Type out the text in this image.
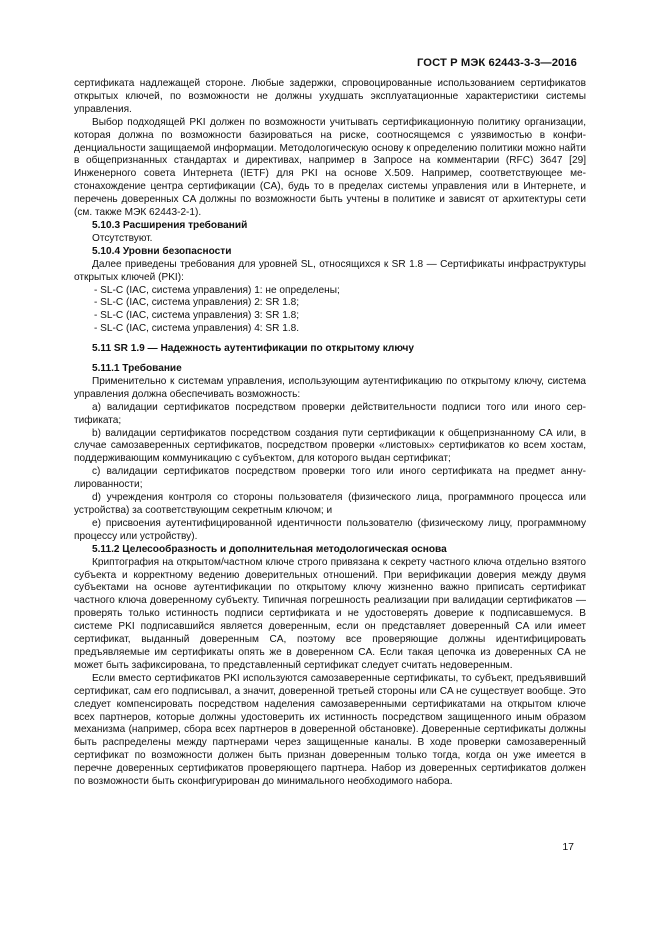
ГОСТ Р МЭК 62443-3-3—2016

сертификата надлежащей стороне. Любые задержки, спровоцированные использованием сертификатов открытых ключей, по возможности не должны ухудшать эксплуатационные характеристики системы управления.

Выбор подходящей PKI должен по возможности учитывать сертификационную политику организации, которая должна по возможности базироваться на риске, соотносящемся с уязвимостью в конфиденциальности защищаемой информации. Методологическую основу к определению политики можно найти в общепризнанных стандартах и директивах, например в Запросе на комментарии (RFC) 3647 [29] Инженерного совета Интернета (IETF) для PKI на основе X.509. Например, соответствующее местонахождение центра сертификации (CA), будь то в пределах системы управления или в Интернете, и перечень доверенных CA должны по возможности быть учтены в политике и зависят от архитектуры сети (см. также МЭК 62443-2-1).

5.10.3 Расширения требований

Отсутствуют.

5.10.4 Уровни безопасности

Далее приведены требования для уровней SL, относящихся к SR 1.8 — Сертификаты инфраструктуры открытых ключей (PKI):

- SL-C (IAC, система управления) 1: не определены;
- SL-C (IAC, система управления) 2: SR 1.8;
- SL-C (IAC, система управления) 3: SR 1.8;
- SL-C (IAC, система управления) 4: SR 1.8.

5.11 SR 1.9 — Надежность аутентификации по открытому ключу

5.11.1 Требование

Применительно к системам управления, использующим аутентификацию по открытому ключу, система управления должна обеспечивать возможность:

a) валидации сертификатов посредством проверки действительности подписи того или иного сертификата;

b) валидации сертификатов посредством создания пути сертификации к общепризнанному CA или, в случае самозаверенных сертификатов, посредством проверки «листовых» сертификатов ко всем хостам, поддерживающим коммуникацию с субъектом, для которого выдан сертификат;

c) валидации сертификатов посредством проверки того или иного сертификата на предмет аннулированности;

d) учреждения контроля со стороны пользователя (физического лица, программного процесса или устройства) за соответствующим секретным ключом; и

e) присвоения аутентифицированной идентичности пользователю (физическому лицу, программному процессу или устройству).

5.11.2 Целесообразность и дополнительная методологическая основа

Криптография на открытом/частном ключе строго привязана к секрету частного ключа отдельно взятого субъекта и корректному ведению доверительных отношений. При верификации доверия между двумя субъектами на основе аутентификации по открытому ключу жизненно важно приписать сертификат частного ключа доверенному субъекту. Типичная погрешность реализации при валидации сертификатов — проверять только истинность подписи сертификата и не удостоверять доверие к подписавшемуся. В системе PKI подписавшийся является доверенным, если он представляет доверенный CA или имеет сертификат, выданный доверенным CA, поэтому все проверяющие должны идентифицировать предъявляемые им сертификаты опять же в доверенном CA. Если такая цепочка из доверенных CA не может быть зафиксирована, то представленный сертификат следует считать недоверенным.

Если вместо сертификатов PKI используются самозаверенные сертификаты, то субъект, предъявивший сертификат, сам его подписывал, а значит, доверенной третьей стороны или CA не существует вообще. Это следует компенсировать посредством наделения самозаверенными сертификатами на открытом ключе всех партнеров, которые должны удостоверить их истинность посредством защищенного иным образом механизма (например, сбора всех партнеров в доверенной обстановке). Доверенные сертификаты должны быть распределены между партнерами через защищенные каналы. В ходе проверки самозаверенный сертификат по возможности должен быть признан доверенным только тогда, когда он уже имеется в перечне доверенных сертификатов проверяющего партнера. Набор из доверенных сертификатов должен по возможности быть сконфигурирован до минимального необходимого набора.

17
